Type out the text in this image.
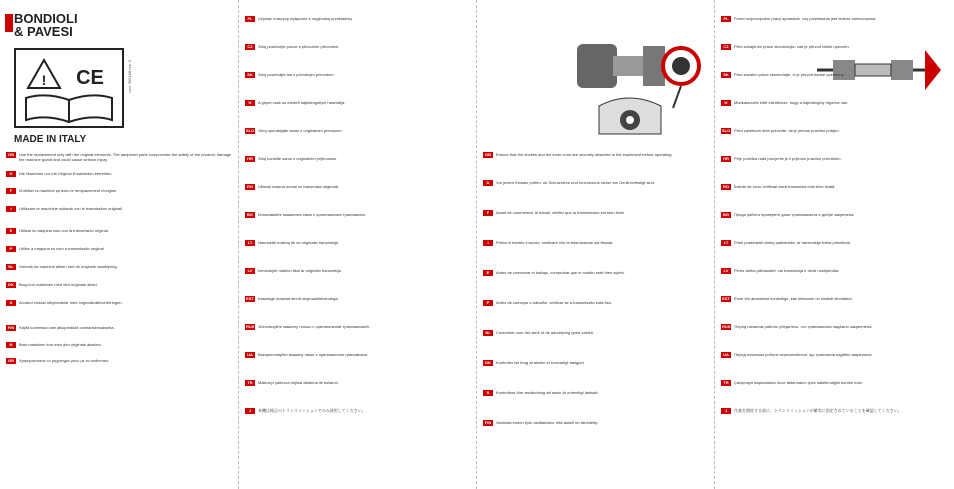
BONDIOLI
& PAVESI
! CE	cod. 399188 rev. 0
MADE IN ITALY
GB	Use the replacement only with the original elements. The tampered parts compromise the safety of the product; damage the machine guard and could cause serious injury.
D	Die Maschine nur mit Original-Ersatzteilen betreiben.
F	N'utiliser la machine qu'avec le remplacement d'origine.
I	Utilizzare le macchine soltanto con le trasmissioni originali.
E	Utilizar la máquina solo con la transmisión original.
P	Utilize a máquina só com a transmissão original.
NL	Gebruik de machine alleen met de originele aandrijving.
DK	Brug kun maskinen med den originale aksel.
S	Använd endast utbytesdelar med originalkraftöverföringen.
FIN	Käytä koneessa vain alkuperäistä voimansiirtoakselia.
N	Bruk maskinen kun med den originale akselen.
GR	Χρησιμοποιείτε το μηχάνημα μόνο με τα αυθεντικά.
PL	Używać maszyny wyłącznie z oryginalną przekładnią.
CZ	Stroj používejte pouze s původním převodem.
SK	Stroj používajte iba s pôvodným prevodom.
H	A gépet csak az eredeti hajtótengellyel használja.
SLO Stroj uporabljajte samo z originalnim prenosom.
HR	Stroj koristite samo s originalnim prijenosom.
RO	Utilizați mașina numai cu transmisia originală.
BG	Използвайте машината само с оригиналната трансмисия.
LT	Naudokite mašiną tik su originalia transmisija.
LV	Izmantojiet mašīnu tikai ar oriģinālo transmisiju.
EST Kasutage masinat ainult originaalülekandega.
RUS Используйте машину только с оригинальной трансмиссией.
UA	Використовуйте машину лише з оригінальною трансмісією.
TR	Makineyi yalnızca orijinal aktarma ile kullanın.
J	本機は純正のトランスミッションでのみ使用してください。
GB	Ensure that the chokes and the inner cone are securely attached to the implement before operating.
D	Vor jedem Einsatz prüfen, ob Schutzrohre und Innenkonus sicher am Gerät befestigt sind.
F	Avant de commencer le travail, vérifier que la transmission est bien fixée.
I	Prima di iniziare il lavoro, verificare che la trasmissione sia fissata.
E	Antes de comenzar el trabajo, comprobar que el cardán esté bien sujeto.
P	Antes de começar o trabalho, verificar se a transmissão está fixa.
NL	Controleer voor het werk of de aandrijving goed vastzit.
DK	Kontroller før brug at akslen er forsvarligt fastgjort.
S	Kontrollera före användning att axeln är ordentligt fastsatt.
FIN	Varmista ennen työn aloittamista, että akseli on kiinnitetty.
PL	Przed rozpoczęciem pracy sprawdzić, czy przekładnia jest dobrze zamocowana.
CZ	Před zahájením práce zkontrolujte, zda je převod řádně upevněn.
SK	Pred začatím práce skontrolujte, či je prevod riadne upevnený.
H	Munkakezdés előtt ellenőrizze, hogy a hajtótengely rögzítve van.
SLO Pred začetkom dela preverite, ali je prenos pravilno pritrjen.
HR	Prije početka rada provjerite je li prijenos pravilno pričvršćen.
RO	Înainte de lucru verificați dacă transmisia este bine fixată.
BG	Преди работа проверете дали трансмисията е добре закрепена.
LT	Prieš pradėdami darbą patikrinkite, ar transmisija tvirtai pritvirtinta.
LV	Pirms darba pārbaudiet, vai transmisija ir droši nostiprināta.
EST Enne töö alustamist kontrollige, kas ülekanne on kindlalt kinnitatud.
RUS Перед началом работы убедитесь, что трансмиссия надёжно закреплена.
UA	Перед початком роботи переконайтеся, що трансмісія надійно закріплена.
TR	Çalışmaya başlamadan önce aktarmanın iyice sabitlendiğini kontrol edin.
J	作業を開始する前に、トランスミッションが確実に固定されていることを確認してください。
